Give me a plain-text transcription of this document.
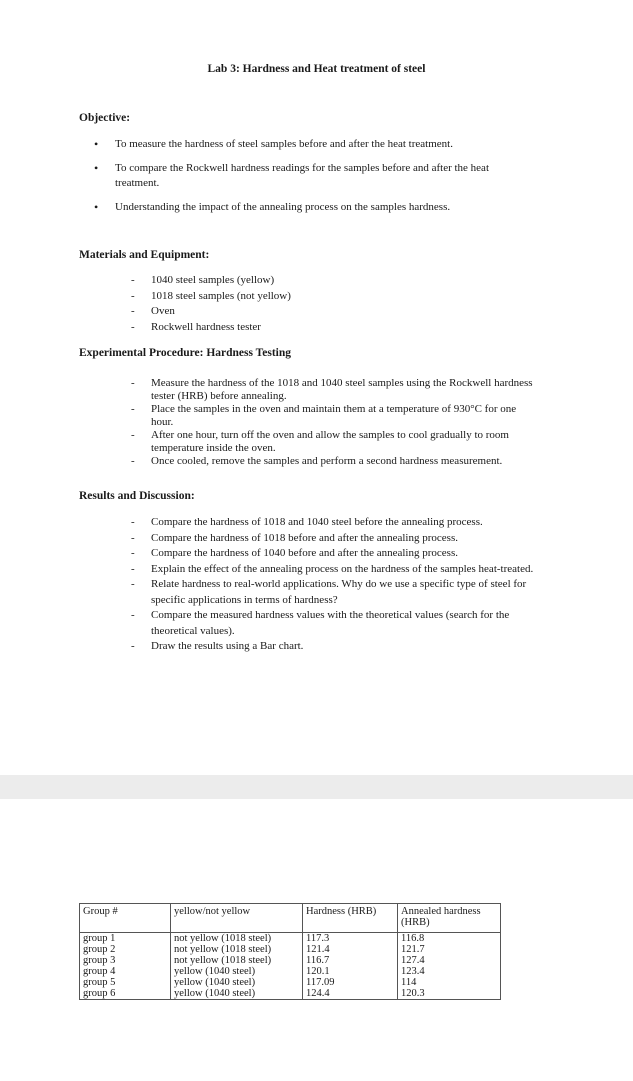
Lab 3: Hardness and Heat treatment of steel
Objective:
• To measure the hardness of steel samples before and after the heat treatment.
• To compare the Rockwell hardness readings for the samples before and after the heat treatment.
• Understanding the impact of the annealing process on the samples hardness.
Materials and Equipment:
- 1040 steel samples (yellow)
- 1018 steel samples (not yellow)
- Oven
- Rockwell hardness tester
Experimental Procedure: Hardness Testing
- Measure the hardness of the 1018 and 1040 steel samples using the Rockwell hardness tester (HRB) before annealing.
- Place the samples in the oven and maintain them at a temperature of 930°C for one hour.
- After one hour, turn off the oven and allow the samples to cool gradually to room temperature inside the oven.
- Once cooled, remove the samples and perform a second hardness measurement.
Results and Discussion:
- Compare the hardness of 1018 and 1040 steel before the annealing process.
- Compare the hardness of 1018 before and after the annealing process.
- Compare the hardness of 1040 before and after the annealing process.
- Explain the effect of the annealing process on the hardness of the samples heat-treated.
- Relate hardness to real-world applications. Why do we use a specific type of steel for specific applications in terms of hardness?
- Compare the measured hardness values with the theoretical values (search for the theoretical values).
- Draw the results using a Bar chart.
Group #	yellow/not yellow	Hardness (HRB)	Annealed hardness (HRB)
group 1	not yellow (1018 steel)	117.3	116.8
group 2	not yellow (1018 steel)	121.4	121.7
group 3	not yellow (1018 steel)	116.7	127.4
group 4	yellow (1040 steel)	120.1	123.4
group 5	yellow (1040 steel)	117.09	114
group 6	yellow (1040 steel)	124.4	120.3
